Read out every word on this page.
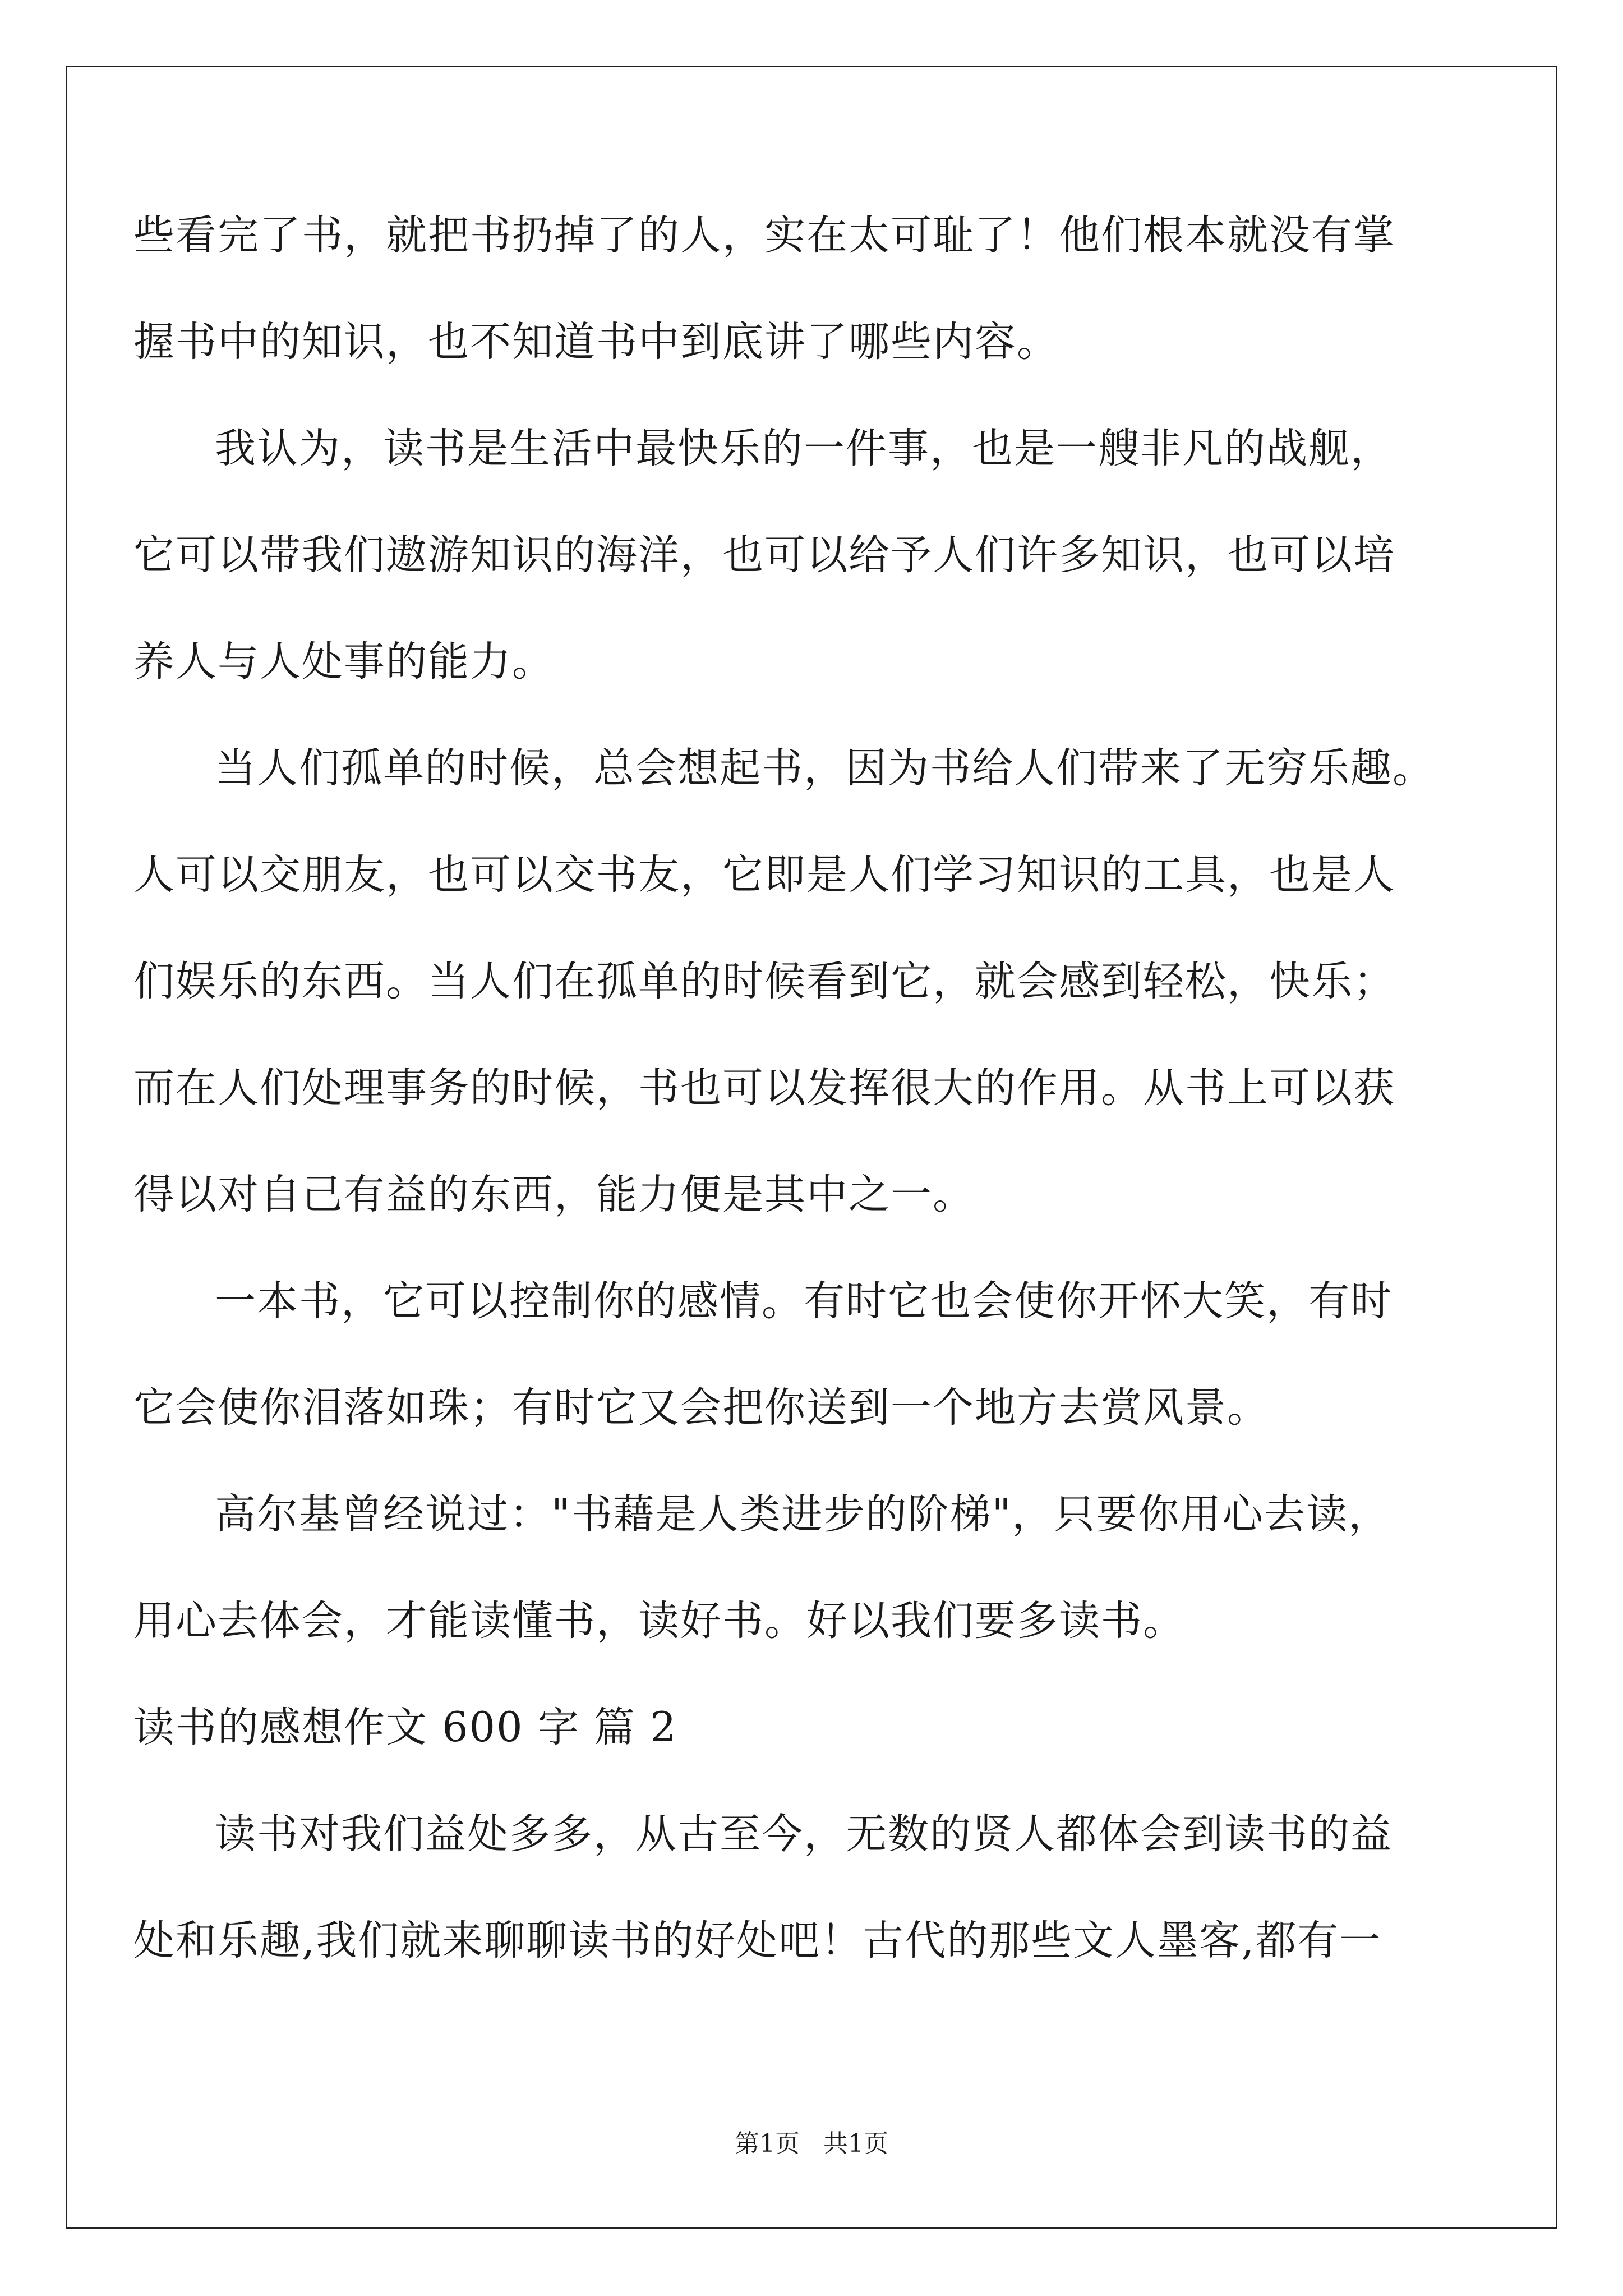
些看完了书，就把书扔掉了的人，实在太可耻了！他们根本就没有掌
握书中的知识，也不知道书中到底讲了哪些内容。
我认为，读书是生活中最快乐的一件事，也是一艘非凡的战舰，
它可以带我们遨游知识的海洋，也可以给予人们许多知识，也可以培
养人与人处事的能力。
当人们孤单的时候，总会想起书，因为书给人们带来了无穷乐趣。
人可以交朋友，也可以交书友，它即是人们学习知识的工具，也是人
们娱乐的东西。当人们在孤单的时候看到它，就会感到轻松，快乐；
而在人们处理事务的时候，书也可以发挥很大的作用。从书上可以获
得以对自己有益的东西，能力便是其中之一。
一本书，它可以控制你的感情。有时它也会使你开怀大笑，有时
它会使你泪落如珠；有时它又会把你送到一个地方去赏风景。
高尔基曾经说过："书藉是人类进步的阶梯"，只要你用心去读，
用心去体会，才能读懂书，读好书。好以我们要多读书。
读书的感想作文 600 字 篇 2
读书对我们益处多多，从古至今，无数的贤人都体会到读书的益
处和乐趣,我们就来聊聊读书的好处吧！古代的那些文人墨客,都有一
第1页   共1页
